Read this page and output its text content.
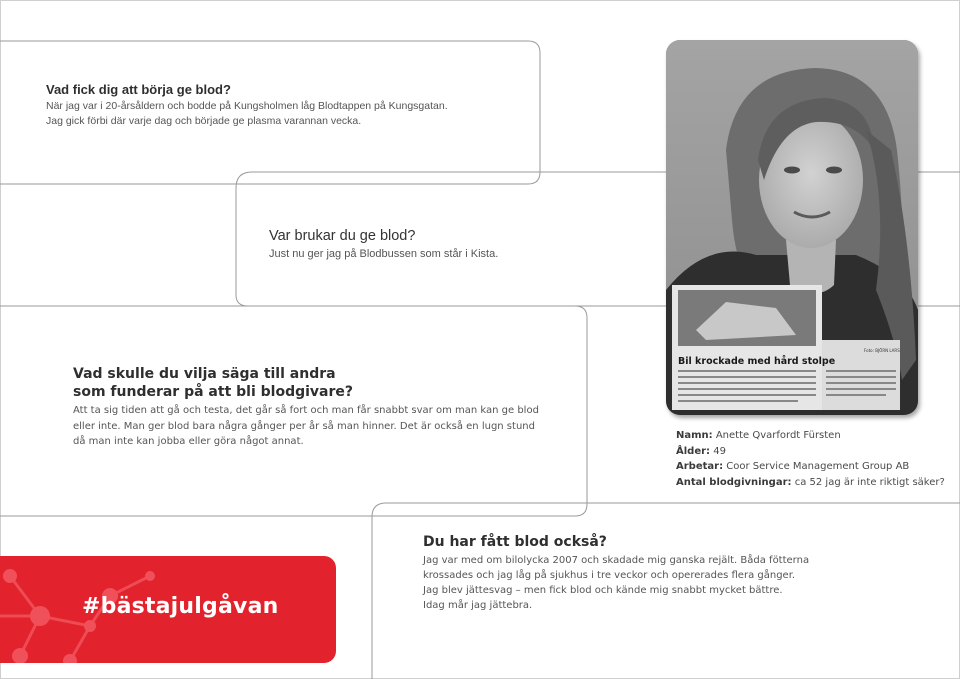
Vad fick dig att börja ge blod?

När jag var i 20-årsåldern och bodde på Kungsholmen låg Blodtappen på Kungsgatan.
Jag gick förbi där varje dag och började ge plasma varannan vecka.

Var brukar du ge blod?

Just nu ger jag på Blodbussen som står i Kista.

Vad skulle du vilja säga till andra
som funderar på att bli blodgivare?

Att ta sig tiden att gå och testa, det går så fort och man får snabbt svar om man kan ge blod
eller inte. Man ger blod bara några gånger per år så man hinner. Det är också en lugn stund
då man inte kan jobba eller göra något annat.

Du har fått blod också?

Jag var med om bilolycka 2007 och skadade mig ganska rejält. Båda fötterna
krossades och jag låg på sjukhus i tre veckor och opererades flera gånger.
Jag blev jättesvag – men fick blod och kände mig snabbt mycket bättre.
Idag mår jag jättebra.

Bil krockade med hård stolpe
Foto: BJÖRN LARS
Namn: Anette Qvarfordt Fürsten
Ålder: 49
Arbetar: Coor Service Management Group AB
Antal blodgivningar: ca 52 jag är inte riktigt säker?
#bästajulgåvan
